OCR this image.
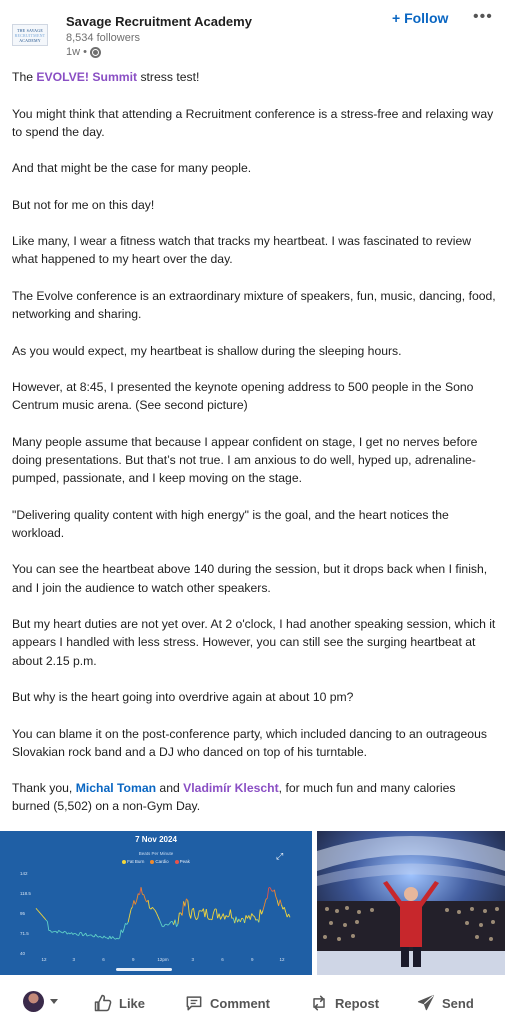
THE SAVAGE
RECRUITMENT
ACADEMY
Savage Recruitment Academy
8,534 followers
1w •
+ Follow •••

The EVOLVE! Summit stress test!

You might think that attending a Recruitment conference is a stress-free and relaxing way to spend the day.

And that might be the case for many people.

But not for me on this day!

Like many, I wear a fitness watch that tracks my heartbeat. I was fascinated to review what happened to my heart over the day.

The Evolve conference is an extraordinary mixture of speakers, fun, music, dancing, food, networking and sharing.

As you would expect, my heartbeat is shallow during the sleeping hours.

However, at 8:45, I presented the keynote opening address to 500 people in the Sono Centrum music arena. (See second picture)

Many people assume that because I appear confident on stage, I get no nerves before doing presentations. But that’s not true. I am anxious to do well, hyped up, adrenaline-pumped, passionate, and I keep moving on the stage.

"Delivering quality content with high energy" is the goal, and the heart notices the workload.

You can see the heartbeat above 140 during the session, but it drops back when I finish, and I join the audience to watch other speakers.

But my heart duties are not yet over. At 2 o'clock, I had another speaking session, which it appears I handled with less stress. However, you can still see the surging heartbeat at about 2.15 p.m.

But why is the heart going into overdrive again at about 10 pm?

You can blame it on the post-conference party, which included dancing to an outrageous Slovakian rock band and a DJ who danced on top of his turntable.

Thank you, Michal Toman and Vladimír Klescht, for much fun and many calories burned (5,502) on a non-Gym Day.

40
71.5
95
118.5
142
12	3	6	9	12pm	3	6	9	12
7 Nov 2024
Beats Per Minute
Fat Burn	Cardio	Peak
⤢
Like	Comment	Repost	Send
